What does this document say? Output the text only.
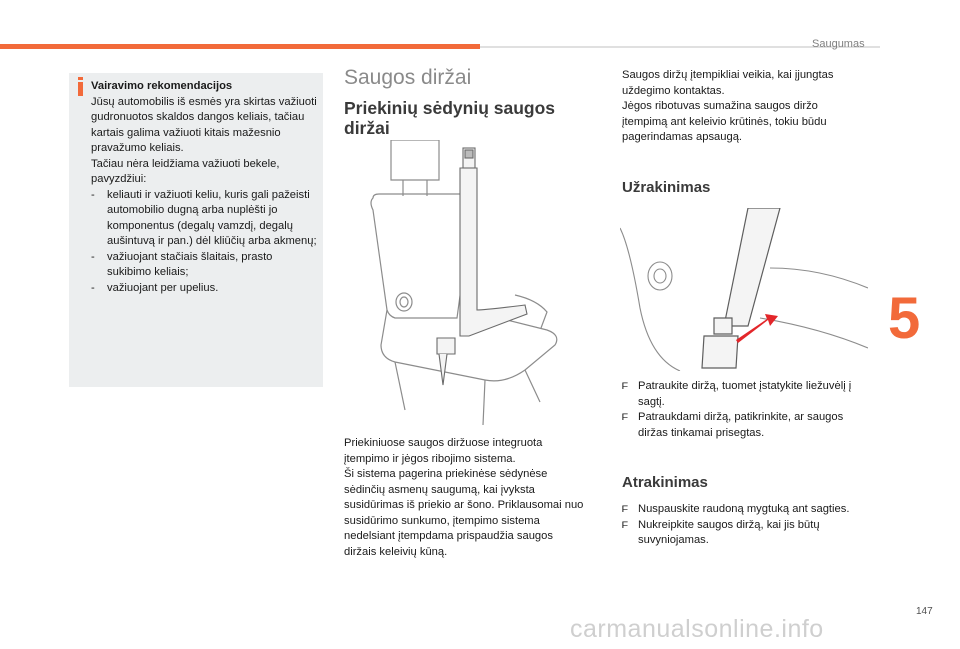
Saugumas
5
147
carmanualsonline.info
Vairavimo rekomendacijos
Jūsų automobilis iš esmės yra skirtas važiuoti gudronuotos skaldos dangos keliais, tačiau kartais galima važiuoti kitais mažesnio pravažumo keliais.
Tačiau nėra leidžiama važiuoti bekele, pavyzdžiui:
- keliauti ir važiuoti keliu, kuris gali pažeisti automobilio dugną arba nuplėšti jo komponentus (degalų vamzdį, degalų aušintuvą ir pan.) dėl kliūčių arba akmenų;
- važiuojant stačiais šlaitais, prasto sukibimo keliais;
- važiuojant per upelius.
Saugos diržai
Priekinių sėdynių saugos diržai
Priekiniuose saugos diržuose integruota įtempimo ir jėgos ribojimo sistema.
Ši sistema pagerina priekinėse sėdynėse sėdinčių asmenų saugumą, kai įvyksta susidūrimas iš priekio ar šono. Priklausomai nuo susidūrimo sunkumo, įtempimo sistema nedelsiant įtempdama prispaudžia saugos diržais keleivių kūną.
Saugos diržų įtempikliai veikia, kai įjungtas uždegimo kontaktas.
Jėgos ribotuvas sumažina saugos diržo įtempimą ant keleivio krūtinės, tokiu būdu pagerindamas apsaugą.
Užrakinimas
F Patraukite diržą, tuomet įstatykite liežuvėlį į sagtį.
F Patraukdami diržą, patikrinkite, ar saugos diržas tinkamai prisegtas.
Atrakinimas
F Nuspauskite raudoną mygtuką ant sagties.
F Nukreipkite saugos diržą, kai jis būtų suvyniojamas.
